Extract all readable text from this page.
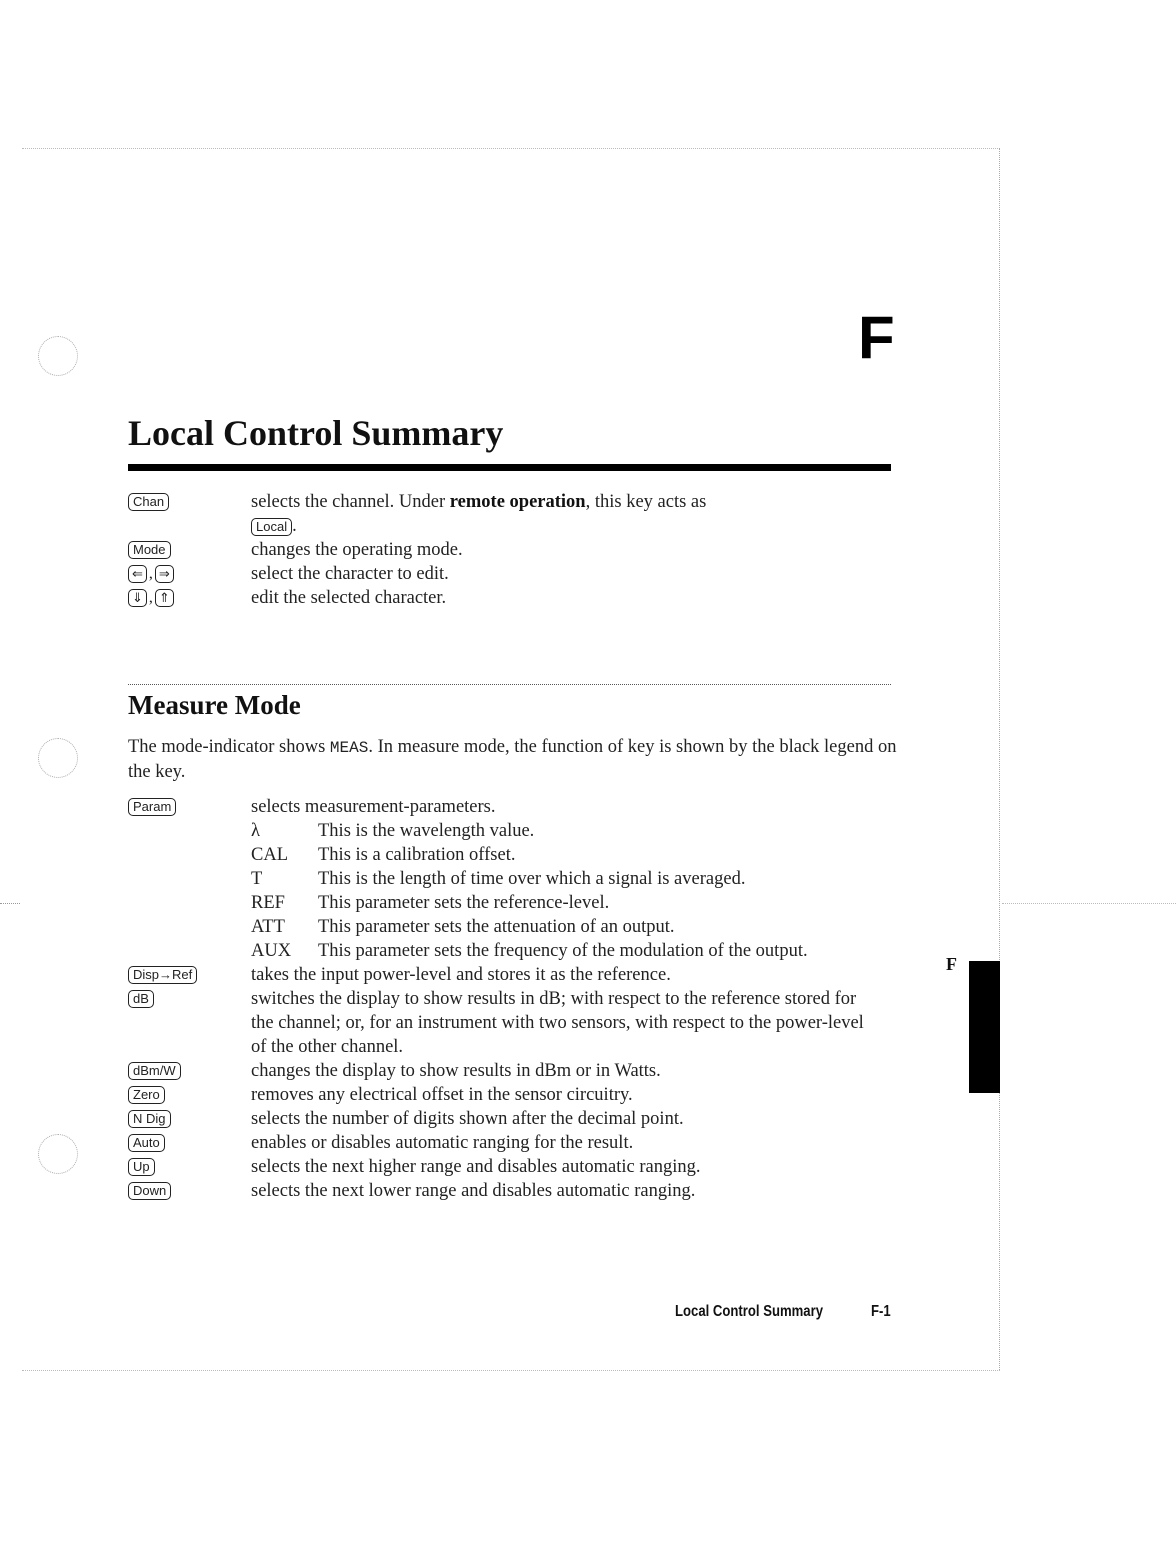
F
Local Control Summary
Chan	selects the channel. Under remote operation, this key acts as
Local .
Mode	changes the operating mode.
⇐ , ⇒	select the character to edit.
⇓ , ⇑	edit the selected character.
Measure Mode
The mode-indicator shows MEAS. In measure mode, the function of key is shown by the black legend on the key.
Param	selects measurement-parameters.
λ	This is the wavelength value.
CAL	This is a calibration offset.
T	This is the length of time over which a signal is averaged.
REF	This parameter sets the reference-level.
ATT	This parameter sets the attenuation of an output.
AUX	This parameter sets the frequency of the modulation of the output.
Disp→Ref	takes the input power-level and stores it as the reference.
dB	switches the display to show results in dB; with respect to the reference stored for the channel; or, for an instrument with two sensors, with respect to the power-level of the other channel.
dBm/W	changes the display to show results in dBm or in Watts.
Zero	removes any electrical offset in the sensor circuitry.
N Dig	selects the number of digits shown after the decimal point.
Auto	enables or disables automatic ranging for the result.
Up	selects the next higher range and disables automatic ranging.
Down	selects the next lower range and disables automatic ranging.
F
Local Control Summary	F-1
